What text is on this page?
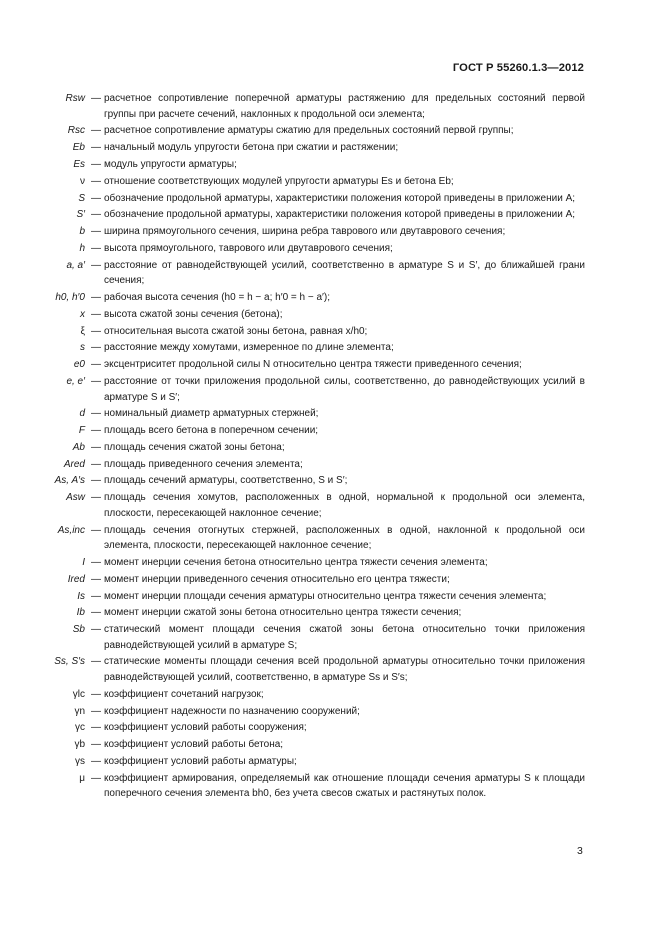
ГОСТ Р 55260.1.3—2012
Rsw — расчетное сопротивление поперечной арматуры растяжению для предельных состояний первой группы при расчете сечений, наклонных к продольной оси элемента;
Rsc — расчетное сопротивление арматуры сжатию для предельных состояний первой группы;
Eb — начальный модуль упругости бетона при сжатии и растяжении;
Es — модуль упругости арматуры;
ν — отношение соответствующих модулей упругости арматуры Es и бетона Eb;
S — обозначение продольной арматуры, характеристики положения которой приведены в приложении А;
S′ — обозначение продольной арматуры, характеристики положения которой приведены в приложении А;
b — ширина прямоугольного сечения, ширина ребра таврового или двутаврового сечения;
h — высота прямоугольного, таврового или двутаврового сечения;
a, a′ — расстояние от равнодействующей усилий, соответственно в арматуре S и S′, до ближайшей грани сечения;
h0, h′0 — рабочая высота сечения (h0 = h − a; h′0 = h − a′);
x — высота сжатой зоны сечения (бетона);
ξ — относительная высота сжатой зоны бетона, равная x/h0;
s — расстояние между хомутами, измеренное по длине элемента;
e0 — эксцентриситет продольной силы N относительно центра тяжести приведенного сечения;
e, e′ — расстояние от точки приложения продольной силы, соответственно, до равнодействующих усилий в арматуре S и S′;
d — номинальный диаметр арматурных стержней;
F — площадь всего бетона в поперечном сечении;
Ab — площадь сечения сжатой зоны бетона;
Ared — площадь приведенного сечения элемента;
As, A′s — площадь сечений арматуры, соответственно, S и S′;
Asw — площадь сечения хомутов, расположенных в одной, нормальной к продольной оси элемента, плоскости, пересекающей наклонное сечение;
As,inc — площадь сечения отогнутых стержней, расположенных в одной, наклонной к продольной оси элемента, плоскости, пересекающей наклонное сечение;
I — момент инерции сечения бетона относительно центра тяжести сечения элемента;
Ired — момент инерции приведенного сечения относительно его центра тяжести;
Is — момент инерции площади сечения арматуры относительно центра тяжести сечения элемента;
Ib — момент инерции сжатой зоны бетона относительно центра тяжести сечения;
Sb — статический момент площади сечения сжатой зоны бетона относительно точки приложения равнодействующей усилий в арматуре S;
Ss, S′s — статические моменты площади сечения всей продольной арматуры относительно точки приложения равнодействующей усилий, соответственно, в арматуре Ss и S′s;
γlc — коэффициент сочетаний нагрузок;
γn — коэффициент надежности по назначению сооружений;
γc — коэффициент условий работы сооружения;
γb — коэффициент условий работы бетона;
γs — коэффициент условий работы арматуры;
μ — коэффициент армирования, определяемый как отношение площади сечения арматуры S к площади поперечного сечения элемента bh0, без учета свесов сжатых и растянутых полок.
3
